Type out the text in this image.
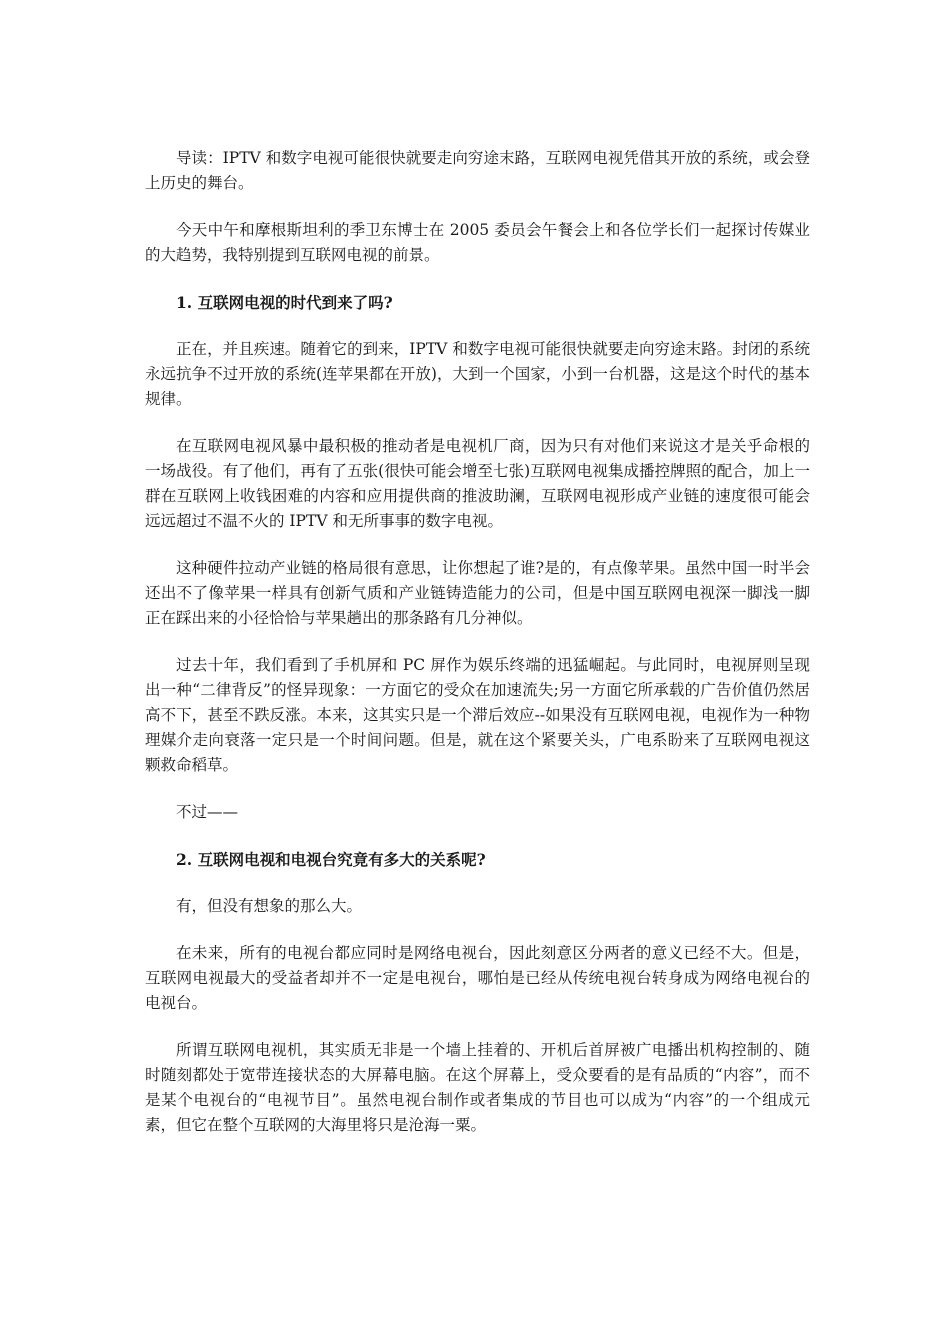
导读：IPTV 和数字电视可能很快就要走向穷途末路，互联网电视凭借其开放的系统，或会登上历史的舞台。

今天中午和摩根斯坦利的季卫东博士在 2005 委员会午餐会上和各位学长们一起探讨传媒业的大趋势，我特别提到互联网电视的前景。

1. 互联网电视的时代到来了吗?

正在，并且疾速。随着它的到来，IPTV 和数字电视可能很快就要走向穷途末路。封闭的系统永远抗争不过开放的系统(连苹果都在开放)，大到一个国家，小到一台机器，这是这个时代的基本规律。

在互联网电视风暴中最积极的推动者是电视机厂商，因为只有对他们来说这才是关乎命根的一场战役。有了他们，再有了五张(很快可能会增至七张)互联网电视集成播控牌照的配合，加上一群在互联网上收钱困难的内容和应用提供商的推波助澜，互联网电视形成产业链的速度很可能会远远超过不温不火的 IPTV 和无所事事的数字电视。

这种硬件拉动产业链的格局很有意思，让你想起了谁?是的，有点像苹果。虽然中国一时半会还出不了像苹果一样具有创新气质和产业链铸造能力的公司，但是中国互联网电视深一脚浅一脚正在踩出来的小径恰恰与苹果趟出的那条路有几分神似。

过去十年，我们看到了手机屏和 PC 屏作为娱乐终端的迅猛崛起。与此同时，电视屏则呈现出一种“二律背反”的怪异现象：一方面它的受众在加速流失;另一方面它所承载的广告价值仍然居高不下，甚至不跌反涨。本来，这其实只是一个滞后效应--如果没有互联网电视，电视作为一种物理媒介走向衰落一定只是一个时间问题。但是，就在这个紧要关头，广电系盼来了互联网电视这颗救命稻草。

不过——

2. 互联网电视和电视台究竟有多大的关系呢?

有，但没有想象的那么大。

在未来，所有的电视台都应同时是网络电视台，因此刻意区分两者的意义已经不大。但是，互联网电视最大的受益者却并不一定是电视台，哪怕是已经从传统电视台转身成为网络电视台的电视台。

所谓互联网电视机，其实质无非是一个墙上挂着的、开机后首屏被广电播出机构控制的、随时随刻都处于宽带连接状态的大屏幕电脑。在这个屏幕上，受众要看的是有品质的“内容”，而不是某个电视台的“电视节目”。虽然电视台制作或者集成的节目也可以成为“内容”的一个组成元素，但它在整个互联网的大海里将只是沧海一粟。
